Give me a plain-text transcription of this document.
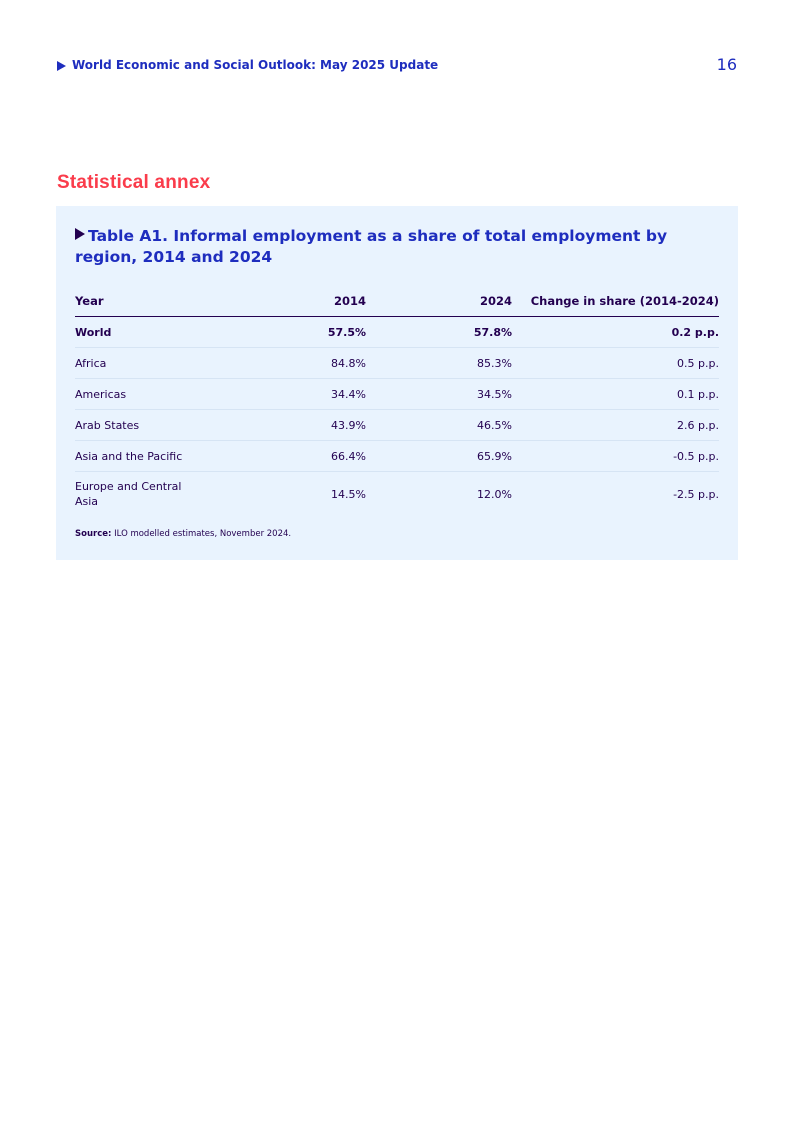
World Economic and Social Outlook: May 2025 Update	16
Statistical annex
Table A1. Informal employment as a share of total employment by region, 2014 and 2024
Year	2014	2024	Change in share (2014-2024)
World	57.5%	57.8%	0.2 p.p.
Africa	84.8%	85.3%	0.5 p.p.
Americas	34.4%	34.5%	0.1 p.p.
Arab States	43.9%	46.5%	2.6 p.p.
Asia and the Pacific	66.4%	65.9%	-0.5 p.p.
Europe and Central Asia	14.5%	12.0%	-2.5 p.p.
Source: ILO modelled estimates, November 2024.
